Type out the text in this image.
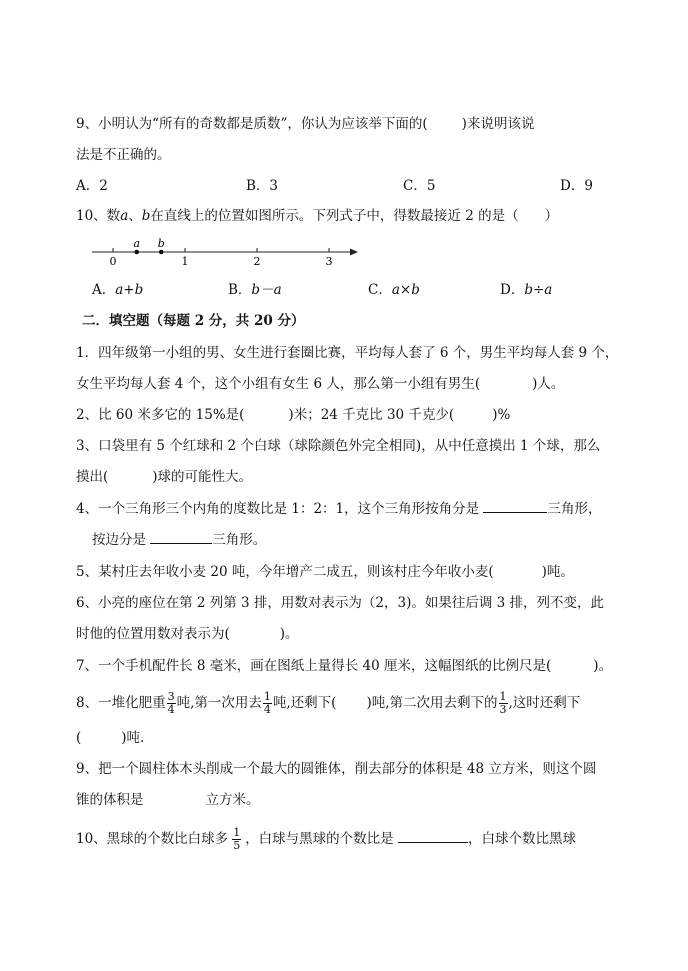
9、小明认为“所有的奇数都是质数”，你认为应该举下面的(	)来说明该说
法是不正确的。
A．2	B．3	C．5	D．9
10、数a、b在直线上的位置如图所示。下列式子中，得数最接近 2 的是（ ）
0	1	2	3
a b
A．a+b	B．b－a	C．a×b	D．b÷a
二．填空题（每题 2 分，共 20 分）
1．四年级第一小组的男、女生进行套圈比赛，平均每人套了 6 个，男生平均每人套 9 个，
女生平均每人套 4 个，这个小组有女生 6 人，那么第一小组有男生(	)人。
2、比 60 米多它的 15%是(	)米；24 千克比 30 千克少(	)%
3、口袋里有 5 个红球和 2 个白球（球除颜色外完全相同)，从中任意摸出 1 个球，那么
摸出(	)球的可能性大。
4、一个三角形三个内角的度数比是 1：2：1，这个三角形按角分是	三角形，
按边分是	三角形。
5、某村庄去年收小麦 20 吨，今年增产二成五，则该村庄今年收小麦(	)吨。
6、小亮的座位在第 2 列第 3 排，用数对表示为（2，3)。如果往后调 3 排，列不变，此
时他的位置用数对表示为(	)。
7、一个手机配件长 8 毫米，画在图纸上量得长 40 厘米，这幅图纸的比例尺是(	)。
8、一堆化肥重 $\frac{3}{4}$ 吨,第一次用去 $\frac{1}{4}$ 吨,还剩下( )吨,第二次用去剩下的 $\frac{1}{3}$ ,这时还剩下
(	)吨.
9、把一个圆柱体木头削成一个最大的圆锥体，削去部分的体积是 48 立方米，则这个圆
锥的体积是	立方米。
10、黑球的个数比白球多 $\frac{1}{5}$ ，白球与黑球的个数比是	，白球个数比黑球
